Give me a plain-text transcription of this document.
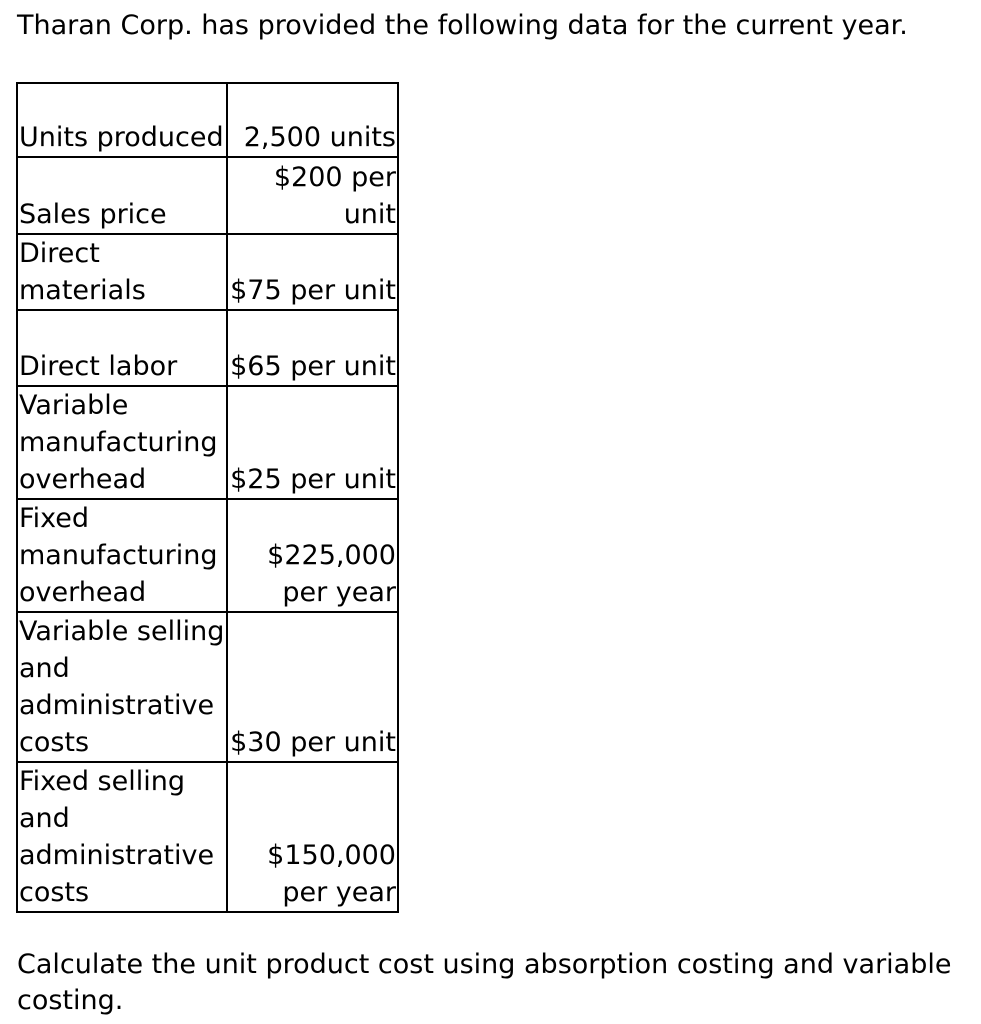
Tharan Corp. has provided the following data for the current year.

Units produced	2,500 units
Sales price	$200 per unit
Direct materials	$75 per unit
Direct labor	$65 per unit
Variable manufacturing overhead	$25 per unit
Fixed manufacturing overhead	$225,000 per year
Variable selling and administrative costs	$30 per unit
Fixed selling and administrative costs	$150,000 per year

Calculate the unit product cost using absorption costing and variable costing.
